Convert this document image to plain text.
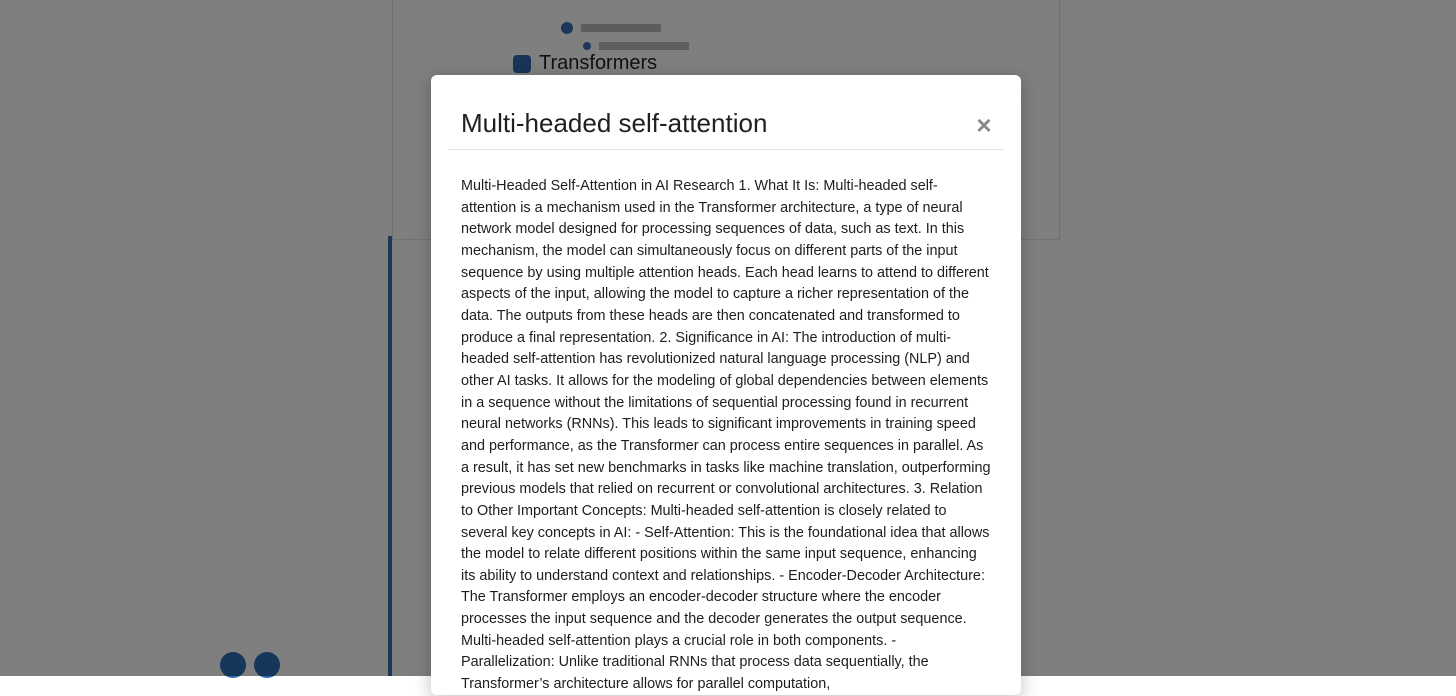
Multi-headed self-attention	×
Multi-Headed Self-Attention in AI Research 1. What It Is: Multi-headed self-attention is a mechanism used in the Transformer architecture, a type of neural network model designed for processing sequences of data, such as text. In this mechanism, the model can simultaneously focus on different parts of the input sequence by using multiple attention heads. Each head learns to attend to different aspects of the input, allowing the model to capture a richer representation of the data. The outputs from these heads are then concatenated and transformed to produce a final representation. 2. Significance in AI: The introduction of multi-headed self-attention has revolutionized natural language processing (NLP) and other AI tasks. It allows for the modeling of global dependencies between elements in a sequence without the limitations of sequential processing found in recurrent neural networks (RNNs). This leads to significant improvements in training speed and performance, as the Transformer can process entire sequences in parallel. As a result, it has set new benchmarks in tasks like machine translation, outperforming previous models that relied on recurrent or convolutional architectures. 3. Relation to Other Important Concepts: Multi-headed self-attention is closely related to several key concepts in AI: - Self-Attention: This is the foundational idea that allows the model to relate different positions within the same input sequence, enhancing its ability to understand context and relationships. - Encoder-Decoder Architecture: The Transformer employs an encoder-decoder structure where the encoder processes the input sequence and the decoder generates the output sequence. Multi-headed self-attention plays a crucial role in both components. - Parallelization: Unlike traditional RNNs that process data sequentially, the Transformer’s architecture allows for parallel computation,
